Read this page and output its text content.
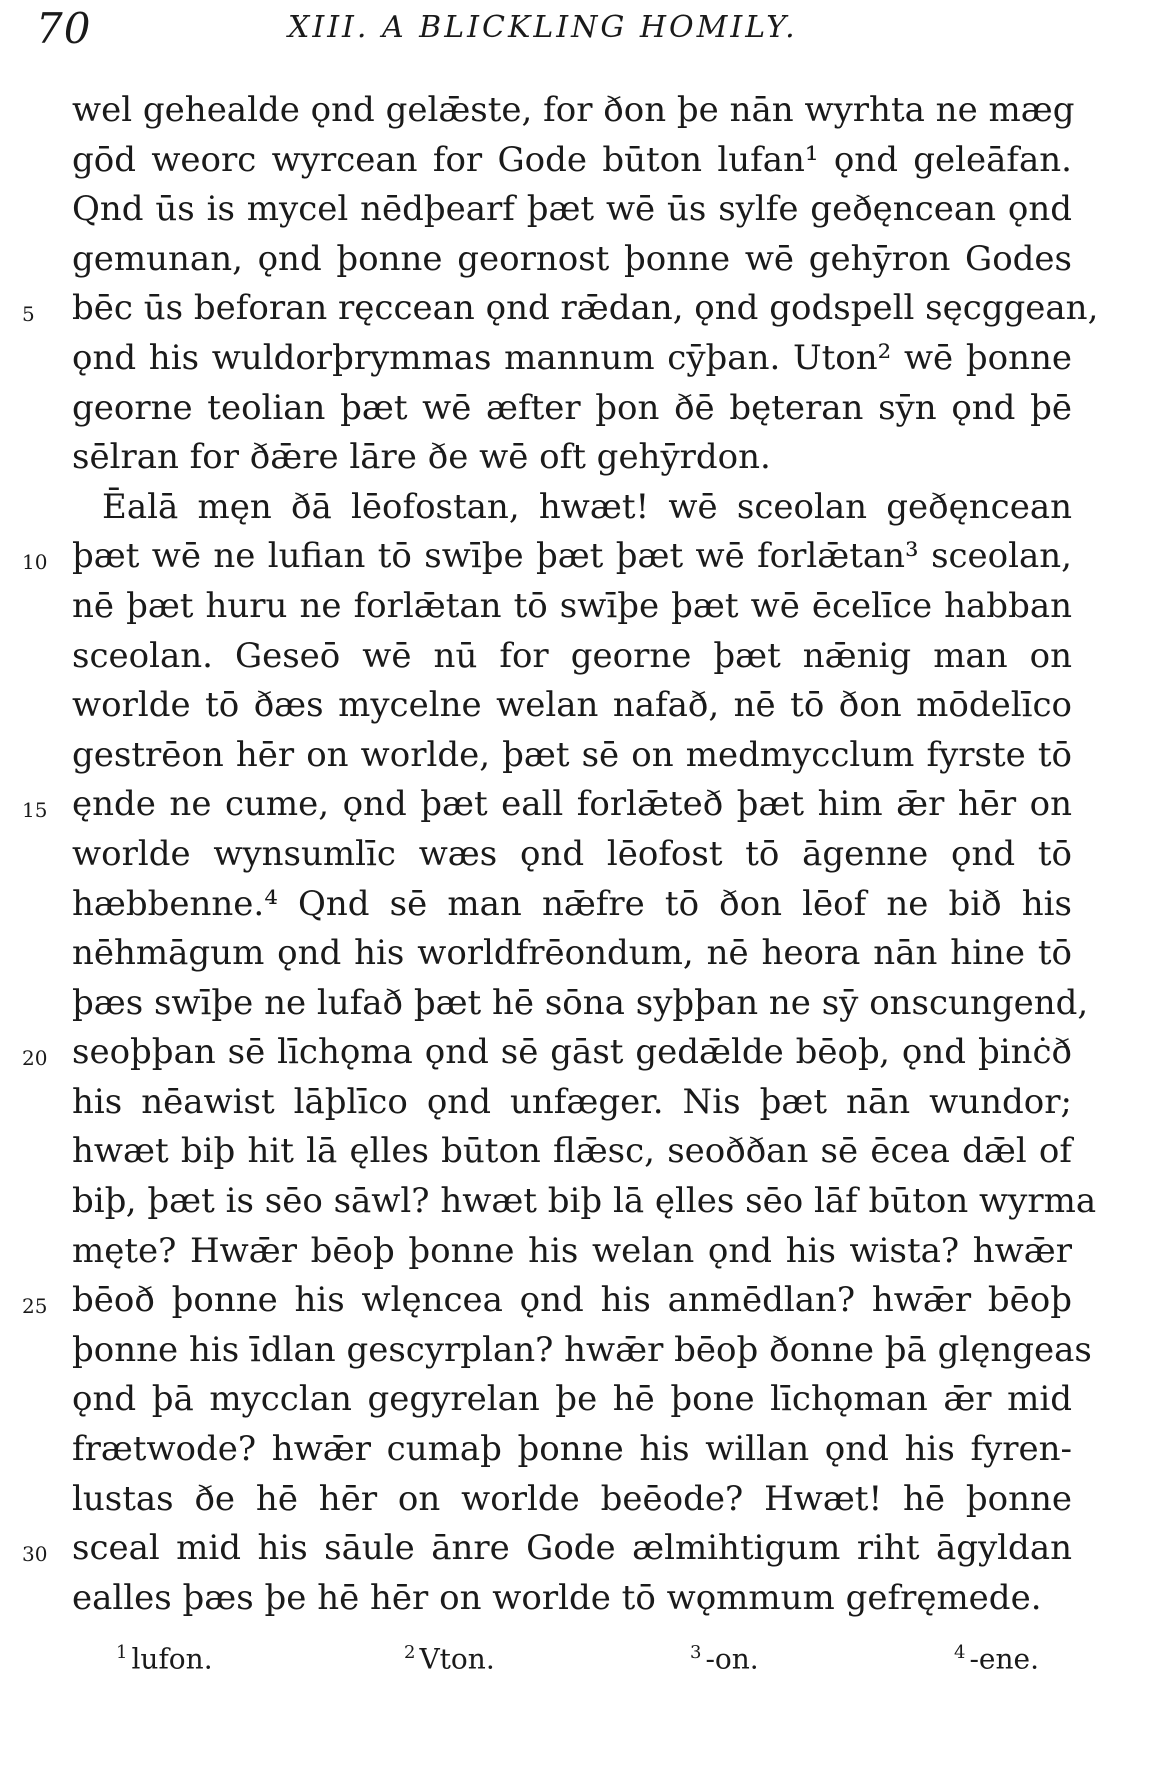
70	XIII. A BLICKLING HOMILY.
wel gehealde ǫnd gelǣste, for ðon þe nān wyrhta ne mæg
gōd weorc wyrcean for Gode būton lufan¹ ǫnd geleāfan.
Qnd ūs is mycel nēdþearf þæt wē ūs sylfe geðęncean ǫnd
gemunan, ǫnd þonne geornost þonne wē gehȳron Godes
5	bēc ūs beforan ręccean ǫnd rǣdan, ǫnd godspell sęcggean,
ǫnd his wuldorþrymmas mannum cȳþan. Uton² wē þonne
georne teolian þæt wē æfter þon ðē bęteran sȳn ǫnd þē
sēlran for ðǣre lāre ðe wē oft gehȳrdon.
Ēalā męn ðā lēofostan, hwæt! wē sceolan geðęncean
10 þæt wē ne lufian tō swīþe þæt þæt wē forlǣtan³ sceolan,
nē þæt huru ne forlǣtan tō swīþe þæt wē ēcelīce habban
sceolan. Geseō wē nū for georne þæt nǣnig man on
worlde tō ðæs mycelne welan nafað, nē tō ðon mōdelīco
gestrēon hēr on worlde, þæt sē on medmycclum fyrste tō
15 ęnde ne cume, ǫnd þæt eall forlǣteð þæt him ǣr hēr on
worlde wynsumlīc wæs ǫnd lēofost tō āgenne ǫnd tō
hæbbenne.⁴ Qnd sē man nǣfre tō ðon lēof ne bið his
nēhmāgum ǫnd his worldfrēondum, nē heora nān hine tō
þæs swīþe ne lufað þæt hē sōna syþþan ne sȳ onscungend,
20 seoþþan sē līchǫma ǫnd sē gāst gedǣlde bēoþ, ǫnd þinċð
his nēawist lāþlīco ǫnd unfæger. Nis þæt nān wundor;
hwæt biþ hit lā ęlles būton flǣsc, seoððan sē ēcea dǣl of
biþ, þæt is sēo sāwl? hwæt biþ lā ęlles sēo lāf būton wyrma
męte? Hwǣr bēoþ þonne his welan ǫnd his wista? hwǣr
25 bēoð þonne his wlęncea ǫnd his anmēdlan? hwǣr bēoþ
þonne his īdlan gescyrplan? hwǣr bēoþ ðonne þā glęngeas
ǫnd þā mycclan gegyrelan þe hē þone līchǫman ǣr mid
frætwode? hwǣr cumaþ þonne his willan ǫnd his fyren-
lustas ðe hē hēr on worlde beēode? Hwæt! hē þonne
30 sceal mid his sāule ānre Gode ælmihtigum riht āgyldan
ealles þæs þe hē hēr on worlde tō wǫmmum gefręmede.
$^1$ lufon.	$^2$ Vton.	$^3$ -on.	$^4$ -ene.
